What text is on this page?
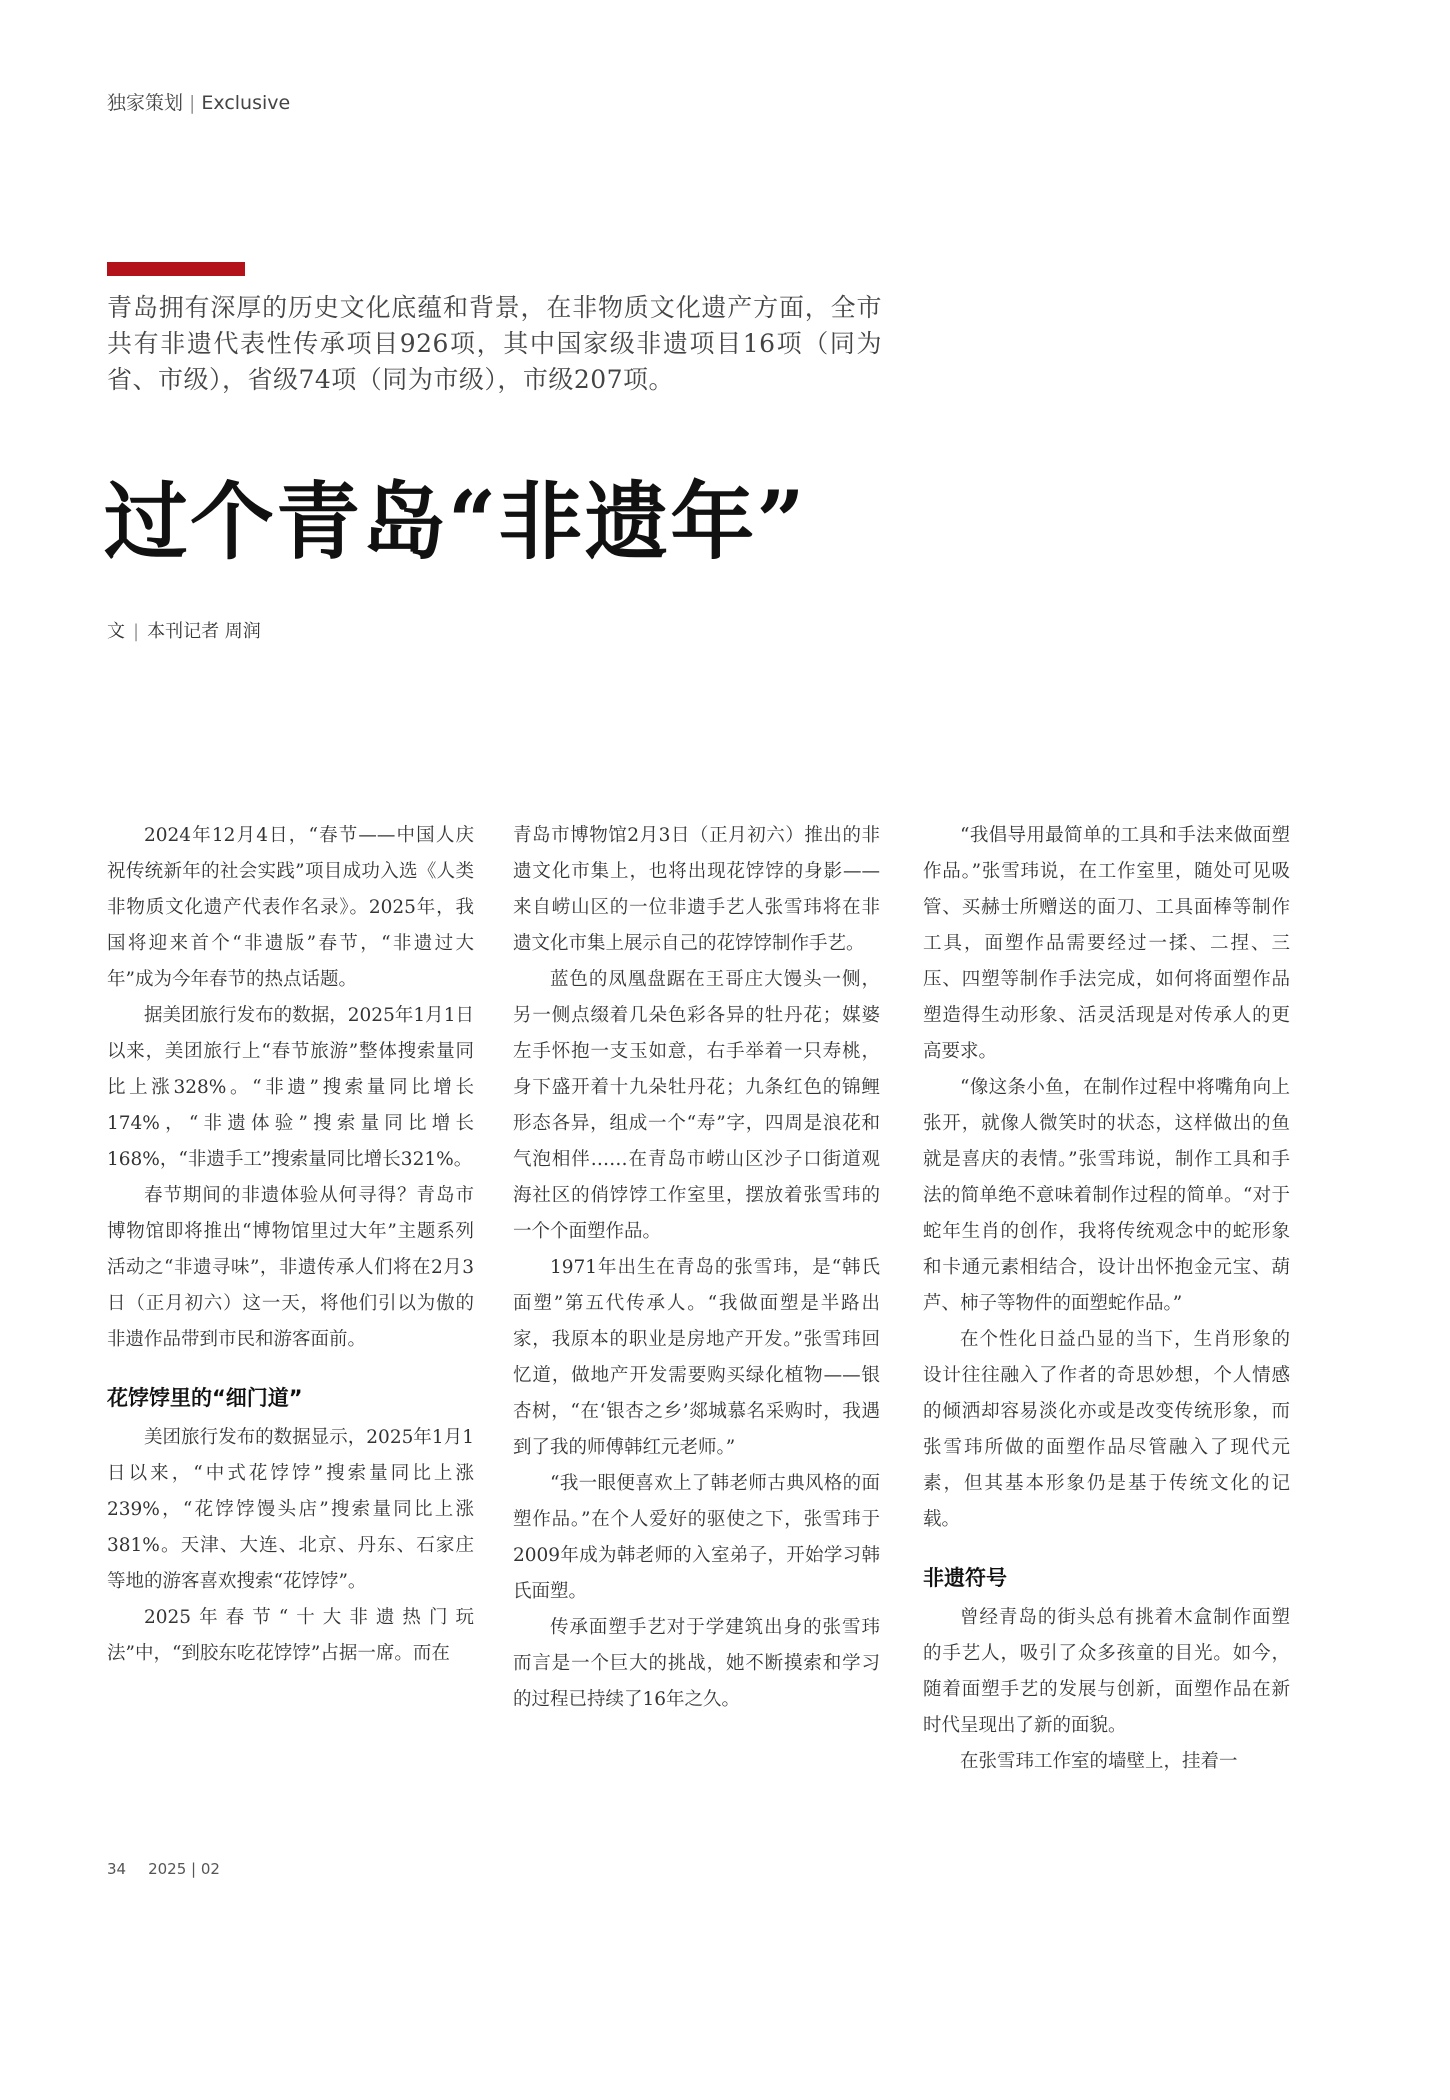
独家策划 | Exclusive

青岛拥有深厚的历史文化底蕴和背景，在非物质文化遗产方面，全市共有非遗代表性传承项目926项，其中国家级非遗项目16项（同为省、市级），省级74项（同为市级），市级207项。

过个青岛“非遗年”
文 | 本刊记者 周润

2024年12月4日，“春节——中国人庆祝传统新年的社会实践”项目成功入选《人类非物质文化遗产代表作名录》。2025年，我国将迎来首个“非遗版”春节，“非遗过大年”成为今年春节的热点话题。

据美团旅行发布的数据，2025年1月1日以来，美团旅行上“春节旅游”整体搜索量同比上涨328%。“非遗”搜索量同比增长174%，“非遗体验”搜索量同比增长168%，“非遗手工”搜索量同比增长321%。

春节期间的非遗体验从何寻得？青岛市博物馆即将推出“博物馆里过大年”主题系列活动之“非遗寻味”，非遗传承人们将在2月3日（正月初六）这一天，将他们引以为傲的非遗作品带到市民和游客面前。

花饽饽里的“细门道”

美团旅行发布的数据显示，2025年1月1日以来，“中式花饽饽”搜索量同比上涨239%，“花饽饽馒头店”搜索量同比上涨381%。天津、大连、北京、丹东、石家庄等地的游客喜欢搜索“花饽饽”。

2025年春节“十大非遗热门玩法”中，“到胶东吃花饽饽”占据一席。而在

青岛市博物馆2月3日（正月初六）推出的非遗文化市集上，也将出现花饽饽的身影——来自崂山区的一位非遗手艺人张雪玮将在非遗文化市集上展示自己的花饽饽制作手艺。

蓝色的凤凰盘踞在王哥庄大馒头一侧，另一侧点缀着几朵色彩各异的牡丹花；媒婆左手怀抱一支玉如意，右手举着一只寿桃，身下盛开着十九朵牡丹花；九条红色的锦鲤形态各异，组成一个“寿”字，四周是浪花和气泡相伴……在青岛市崂山区沙子口街道观海社区的俏饽饽工作室里，摆放着张雪玮的一个个面塑作品。

1971年出生在青岛的张雪玮，是“韩氏面塑”第五代传承人。“我做面塑是半路出家，我原本的职业是房地产开发。”张雪玮回忆道，做地产开发需要购买绿化植物——银杏树，“在‘银杏之乡’郯城慕名采购时，我遇到了我的师傅韩红元老师。”

“我一眼便喜欢上了韩老师古典风格的面塑作品。”在个人爱好的驱使之下，张雪玮于2009年成为韩老师的入室弟子，开始学习韩氏面塑。

传承面塑手艺对于学建筑出身的张雪玮而言是一个巨大的挑战，她不断摸索和学习的过程已持续了16年之久。

“我倡导用最简单的工具和手法来做面塑作品。”张雪玮说，在工作室里，随处可见吸管、买赫士所赠送的面刀、工具面棒等制作工具，面塑作品需要经过一揉、二捏、三压、四塑等制作手法完成，如何将面塑作品塑造得生动形象、活灵活现是对传承人的更高要求。

“像这条小鱼，在制作过程中将嘴角向上张开，就像人微笑时的状态，这样做出的鱼就是喜庆的表情。”张雪玮说，制作工具和手法的简单绝不意味着制作过程的简单。“对于蛇年生肖的创作，我将传统观念中的蛇形象和卡通元素相结合，设计出怀抱金元宝、葫芦、柿子等物件的面塑蛇作品。”

在个性化日益凸显的当下，生肖形象的设计往往融入了作者的奇思妙想，个人情感的倾洒却容易淡化亦或是改变传统形象，而张雪玮所做的面塑作品尽管融入了现代元素，但其基本形象仍是基于传统文化的记载。

非遗符号

曾经青岛的街头总有挑着木盒制作面塑的手艺人，吸引了众多孩童的目光。如今，随着面塑手艺的发展与创新，面塑作品在新时代呈现出了新的面貌。

在张雪玮工作室的墙壁上，挂着一

34 2025 | 02
